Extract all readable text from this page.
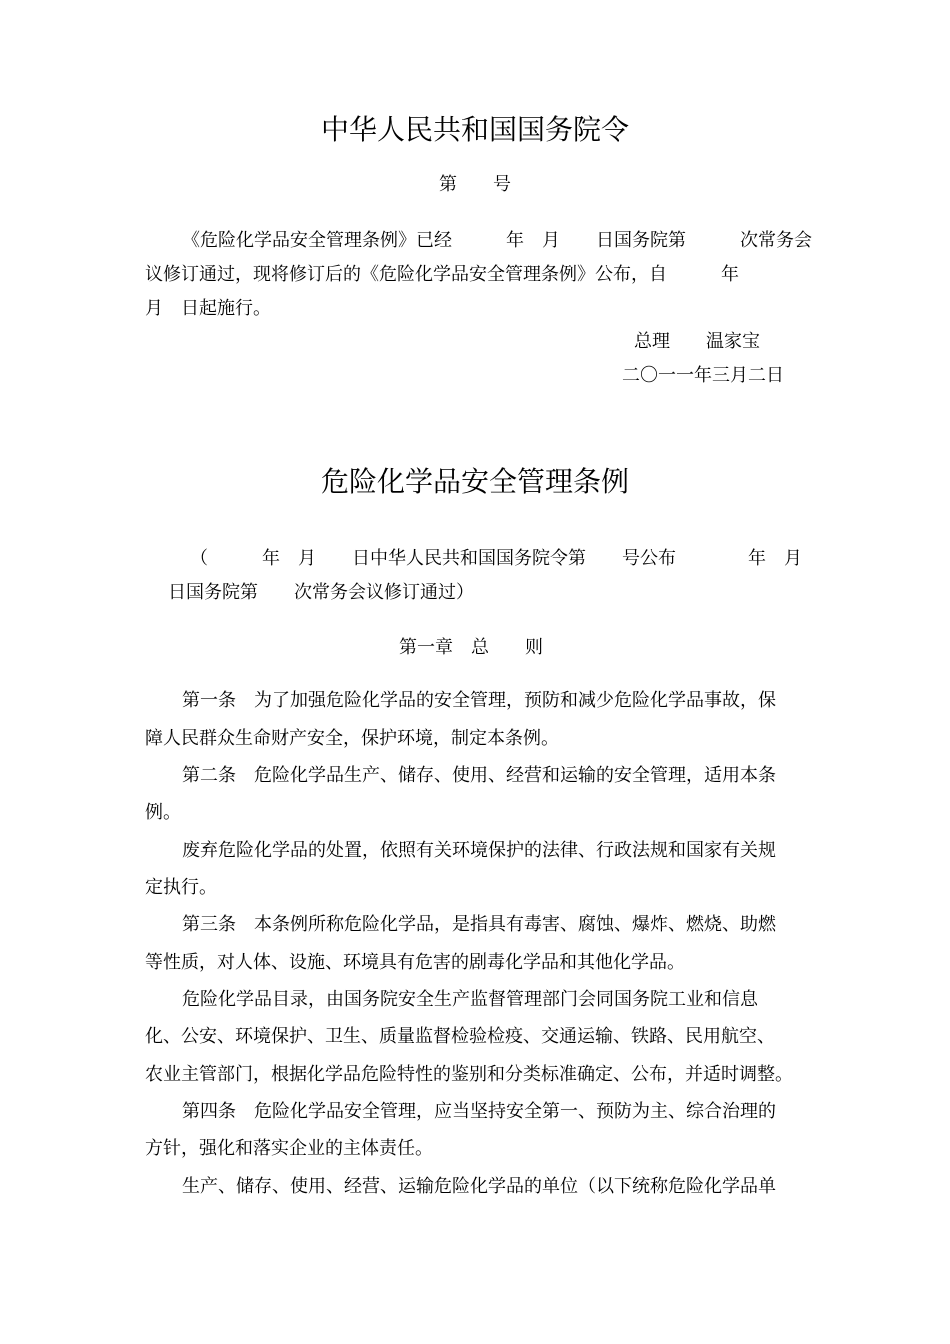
中华人民共和国国务院令
第　　号
《危险化学品安全管理条例》已经　　　年　月　　日国务院第　　　次常务会
议修订通过，现将修订后的《危险化学品安全管理条例》公布，自　　　年
月　日起施行。
总理　　温家宝
二〇一一年三月二日
危险化学品安全管理条例
（　　　年　月　　日中华人民共和国国务院令第　　号公布　　　　年　月
日国务院第　　次常务会议修订通过）
第一章　总　　则
第一条　为了加强危险化学品的安全管理，预防和减少危险化学品事故，保
障人民群众生命财产安全，保护环境，制定本条例。
第二条　危险化学品生产、储存、使用、经营和运输的安全管理，适用本条
例。
废弃危险化学品的处置，依照有关环境保护的法律、行政法规和国家有关规
定执行。
第三条　本条例所称危险化学品，是指具有毒害、腐蚀、爆炸、燃烧、助燃
等性质，对人体、设施、环境具有危害的剧毒化学品和其他化学品。
危险化学品目录，由国务院安全生产监督管理部门会同国务院工业和信息
化、公安、环境保护、卫生、质量监督检验检疫、交通运输、铁路、民用航空、
农业主管部门，根据化学品危险特性的鉴别和分类标准确定、公布，并适时调整。
第四条　危险化学品安全管理，应当坚持安全第一、预防为主、综合治理的
方针，强化和落实企业的主体责任。
生产、储存、使用、经营、运输危险化学品的单位（以下统称危险化学品单
